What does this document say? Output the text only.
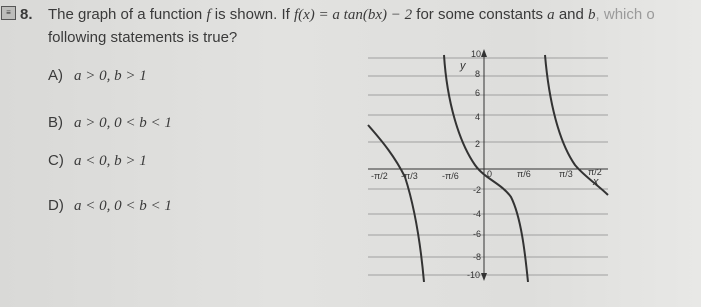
≡ 8. The graph of a function f is shown. If f(x) = a tan(bx) − 2 for some constants a and b, which o
following statements is true?
A) a > 0, b > 1
B) a > 0, 0 < b < 1
C) a < 0, b > 1
D) a < 0, 0 < b < 1
y
x
10
8
6
4
2
-2
-4
-6
-8
-10
-π/2 -π/3	-π/6	0	π/6	π/3 π/2
